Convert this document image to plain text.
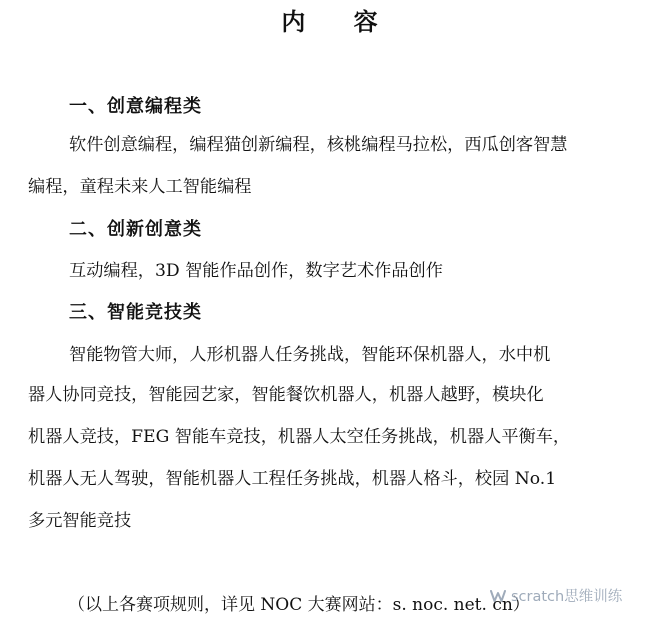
内 容
一、创意编程类
软件创意编程，编程猫创新编程，核桃编程马拉松，西瓜创客智慧
编程，童程未来人工智能编程
二、创新创意类
互动编程，3D 智能作品创作，数字艺术作品创作
三、智能竞技类
智能物管大师，人形机器人任务挑战，智能环保机器人，水中机
器人协同竞技，智能园艺家，智能餐饮机器人，机器人越野，模块化
机器人竞技，FEG 智能车竞技，机器人太空任务挑战，机器人平衡车，
机器人无人驾驶，智能机器人工程任务挑战，机器人格斗，校园 No.1
多元智能竞技
（以上各赛项规则，详见 NOC 大赛网站：s. noc. net. cn）
scratch思维训练
